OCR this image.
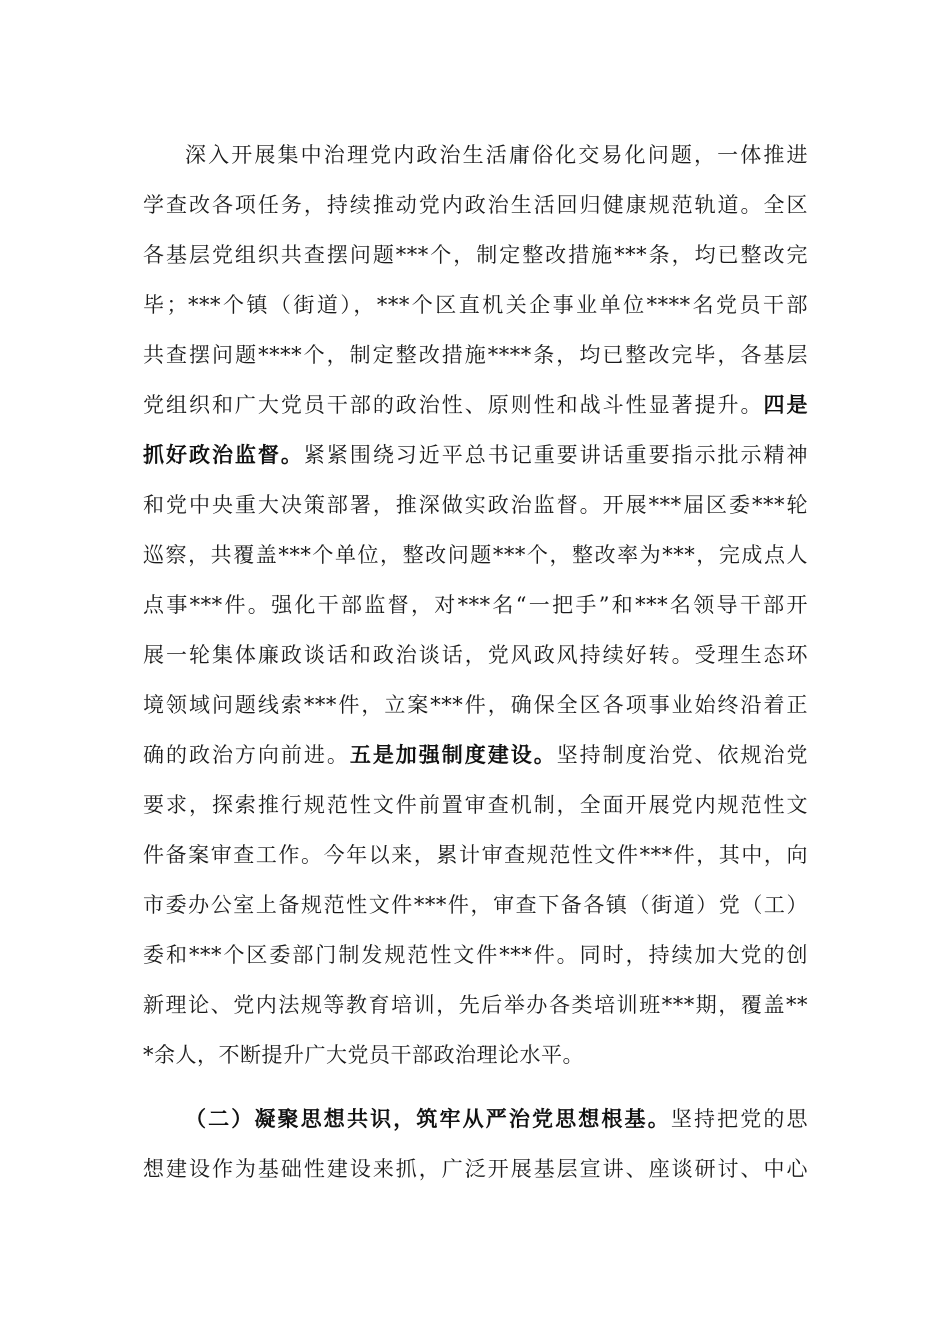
深入开展集中治理党内政治生活庸俗化交易化问题，一体推进
学查改各项任务，持续推动党内政治生活回归健康规范轨道。全区
各基层党组织共查摆问题***个，制定整改措施***条，均已整改完
毕；***个镇（街道），***个区直机关企事业单位****名党员干部
共查摆问题****个，制定整改措施****条，均已整改完毕，各基层
党组织和广大党员干部的政治性、原则性和战斗性显著提升。四是
抓好政治监督。紧紧围绕习近平总书记重要讲话重要指示批示精神
和党中央重大决策部署，推深做实政治监督。开展***届区委***轮
巡察，共覆盖***个单位，整改问题***个，整改率为***，完成点人
点事***件。强化干部监督，对***名“一把手”和***名领导干部开
展一轮集体廉政谈话和政治谈话，党风政风持续好转。受理生态环
境领域问题线索***件，立案***件，确保全区各项事业始终沿着正
确的政治方向前进。五是加强制度建设。坚持制度治党、依规治党
要求，探索推行规范性文件前置审查机制，全面开展党内规范性文
件备案审查工作。今年以来，累计审查规范性文件***件，其中，向
市委办公室上备规范性文件***件，审查下备各镇（街道）党（工）
委和***个区委部门制发规范性文件***件。同时，持续加大党的创
新理论、党内法规等教育培训，先后举办各类培训班***期，覆盖**
*余人，不断提升广大党员干部政治理论水平。
（二）凝聚思想共识，筑牢从严治党思想根基。坚持把党的思
想建设作为基础性建设来抓，广泛开展基层宣讲、座谈研讨、中心
